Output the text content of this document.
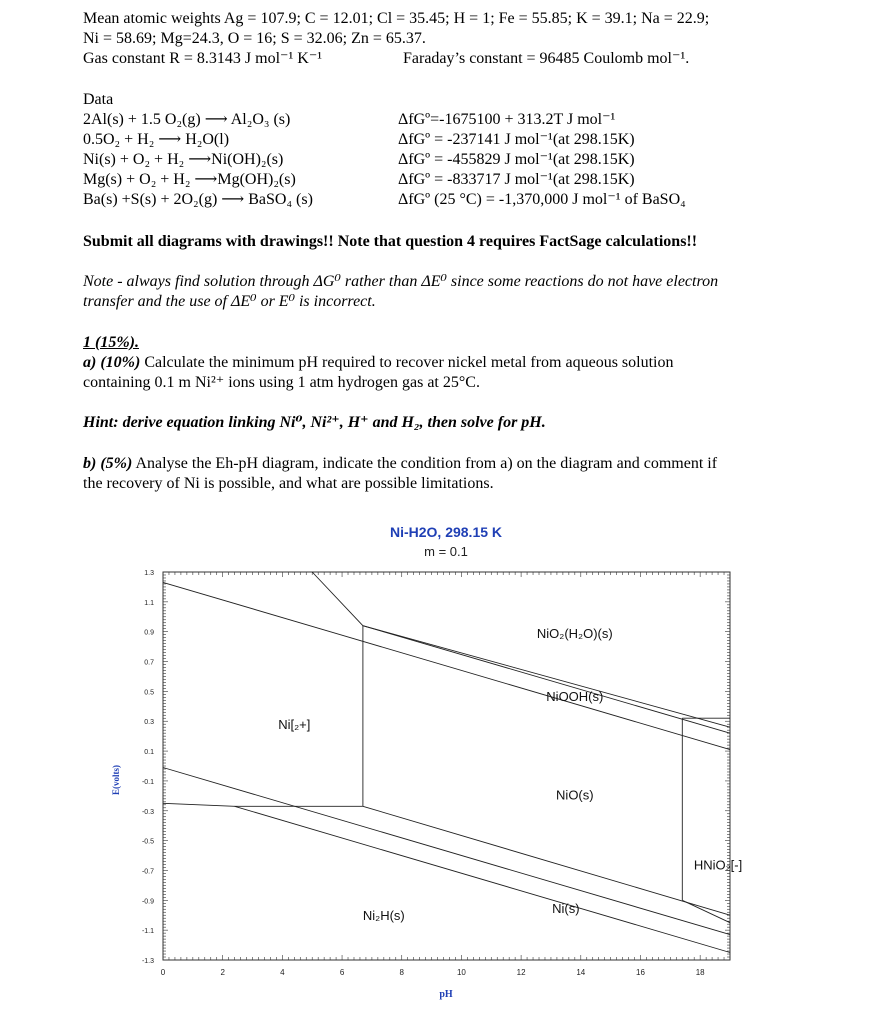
Mean atomic weights Ag = 107.9; C = 12.01; Cl = 35.45; H = 1; Fe = 55.85; K = 39.1; Na = 22.9;
Ni = 58.69; Mg=24.3, O = 16; S = 32.06; Zn = 65.37.
Gas constant R = 8.3143 J mol⁻¹ K⁻¹	Faraday’s constant = 96485 Coulomb mol⁻¹.
Data
2Al(s) + 1.5 O₂(g) ⟶ Al₂O₃ (s)	ΔfGº=-1675100 + 313.2T J mol⁻¹
0.5O₂ + H₂ ⟶ H₂O(l)	ΔfGº = -237141 J mol⁻¹(at 298.15K)
Ni(s) + O₂ + H₂ ⟶Ni(OH)₂(s)	ΔfGº = -455829 J mol⁻¹(at 298.15K)
Mg(s) + O₂ + H₂ ⟶Mg(OH)₂(s)	ΔfGº = -833717 J mol⁻¹(at 298.15K)
Ba(s) +S(s) + 2O₂(g) ⟶ BaSO₄ (s)	ΔfGº (25 °C) = -1,370,000 J mol⁻¹ of BaSO₄
Submit all diagrams with drawings!! Note that question 4 requires FactSage calculations!!
Note - always find solution through ΔG⁰ rather than ΔE⁰ since some reactions do not have electron
transfer and the use of ΔE⁰ or E⁰ is incorrect.
1 (15%).
a) (10%) Calculate the minimum pH required to recover nickel metal from aqueous solution
containing 0.1 m Ni²⁺ ions using 1 atm hydrogen gas at 25°C.
Hint: derive equation linking Ni⁰, Ni²⁺, H⁺ and H₂, then solve for pH.
b) (5%) Analyse the Eh-pH diagram, indicate the condition from a) on the diagram and comment if
the recovery of Ni is possible, and what are possible limitations.
Ni-H2O, 298.15 K
m = 0.1
E(volts)
pH
0	2	4	6	8	10	12	14	16	18
1.3
1.1
0.9
0.7
0.5
0.3
0.1
-0.1
-0.3
-0.5
-0.7
-0.9
-1.1
-1.3
NiO₂(H₂O)(s)
NiOOH(s)
Ni[₂+]
NiO(s)
HNiO₂[-]
Ni(s)
Ni₂H(s)
